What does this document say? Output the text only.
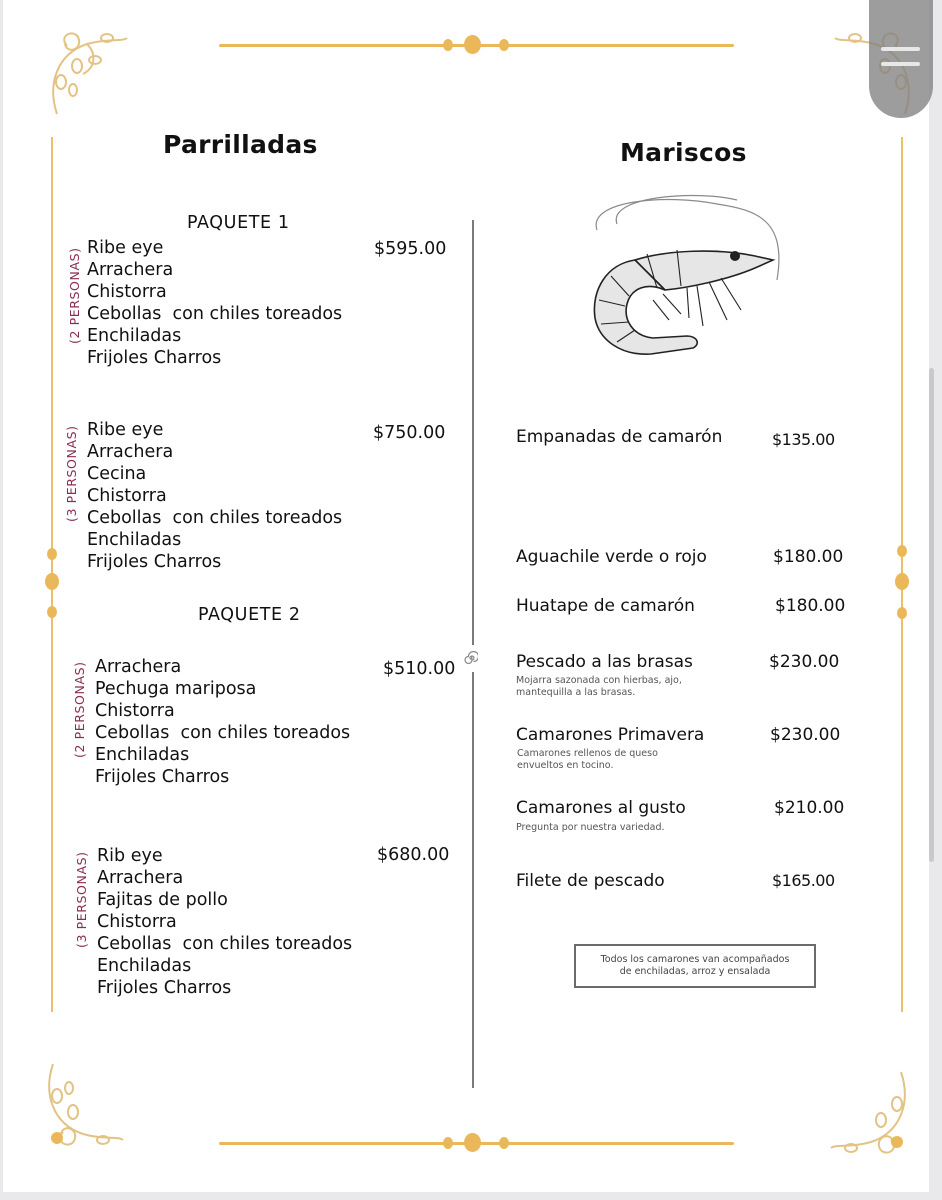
Parrilladas
PAQUETE 1
(2 PERSONAS) Ribe eye
Arrachera
Chistorra
Cebollas  con chiles toreados
Enchiladas
Frijoles Charros
$595.00
(3 PERSONAS) Ribe eye
Arrachera
Cecina
Chistorra
Cebollas  con chiles toreados
Enchiladas
Frijoles Charros
$750.00
PAQUETE 2
(2 PERSONAS) Arrachera
Pechuga mariposa
Chistorra
Cebollas  con chiles toreados
Enchiladas
Frijoles Charros
$510.00
(3 PERSONAS) Rib eye
Arrachera
Fajitas de pollo
Chistorra
Cebollas  con chiles toreados
Enchiladas
Frijoles Charros
$680.00
Mariscos
Empanadas de camarón	$135.00
Aguachile verde o rojo	$180.00
Huatape de camarón	$180.00
Pescado a las brasas	$230.00
Mojarra sazonada con hierbas, ajo,
mantequilla a las brasas.
Camarones Primavera	$230.00
Camarones rellenos de queso
envueltos en tocino.
Camarones al gusto	$210.00
Pregunta por nuestra variedad.
Filete de pescado	$165.00
Todos los camarones van acompañados
de enchiladas, arroz y ensalada
